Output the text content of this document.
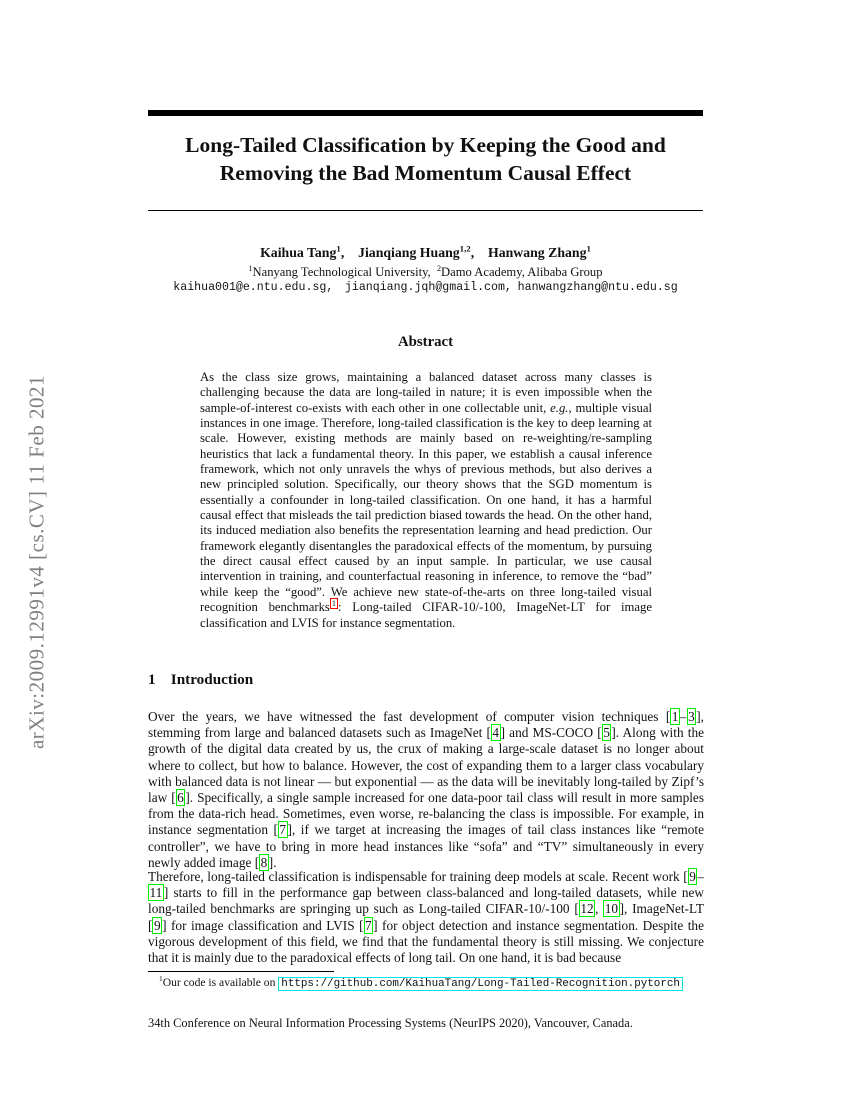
arXiv:2009.12991v4 [cs.CV] 11 Feb 2021
Long-Tailed Classification by Keeping the Good and
Removing the Bad Momentum Causal Effect
Kaihua Tang$^1$, Jianqiang Huang$^{1,2}$, Hanwang Zhang$^1$
$^1$Nanyang Technological University, $^2$Damo Academy, Alibaba Group
kaihua001@e.ntu.edu.sg, jianqiang.jqh@gmail.com, hanwangzhang@ntu.edu.sg
Abstract
As the class size grows, maintaining a balanced dataset across many classes is challenging because the data are long-tailed in nature; it is even impossible when the sample-of-interest co-exists with each other in one collectable unit, e.g., multiple visual instances in one image. Therefore, long-tailed classification is the key to deep learning at scale. However, existing methods are mainly based on re-weighting/re-sampling heuristics that lack a fundamental theory. In this paper, we establish a causal inference framework, which not only unravels the whys of previous methods, but also derives a new principled solution. Specifically, our theory shows that the SGD momentum is essentially a confounder in long-tailed classification. On one hand, it has a harmful causal effect that misleads the tail prediction biased towards the head. On the other hand, its induced mediation also benefits the representation learning and head prediction. Our framework elegantly disentangles the paradoxical effects of the momentum, by pursuing the direct causal effect caused by an input sample. In particular, we use causal intervention in training, and counterfactual reasoning in inference, to remove the “bad” while keep the “good”. We achieve new state-of-the-arts on three long-tailed visual recognition benchmarks $^1$ : Long-tailed CIFAR-10/-100, ImageNet-LT for image classification and LVIS for instance segmentation.
1 Introduction
Over the years, we have witnessed the fast development of computer vision techniques [ 1 – 3 ], stemming from large and balanced datasets such as ImageNet [ 4 ] and MS-COCO [ 5 ]. Along with the growth of the digital data created by us, the crux of making a large-scale dataset is no longer about where to collect, but how to balance. However, the cost of expanding them to a larger class vocabulary with balanced data is not linear — but exponential — as the data will be inevitably long-tailed by Zipf’s law [ 6 ]. Specifically, a single sample increased for one data-poor tail class will result in more samples from the data-rich head. Sometimes, even worse, re-balancing the class is impossible. For example, in instance segmentation [ 7 ], if we target at increasing the images of tail class instances like “remote controller”, we have to bring in more head instances like “sofa” and “TV” simultaneously in every newly added image [ 8 ].
Therefore, long-tailed classification is indispensable for training deep models at scale. Recent work [ 9 –11 ] starts to fill in the performance gap between class-balanced and long-tailed datasets, while new long-tailed benchmarks are springing up such as Long-tailed CIFAR-10/-100 [ 12 , 10 ], ImageNet-LT [ 9 ] for image classification and LVIS [ 7 ] for object detection and instance segmentation. Despite the vigorous development of this field, we find that the fundamental theory is still missing. We conjecture that it is mainly due to the paradoxical effects of long tail. On one hand, it is bad because
$^1$Our code is available on https://github.com/KaihuaTang/Long-Tailed-Recognition.pytorch
34th Conference on Neural Information Processing Systems (NeurIPS 2020), Vancouver, Canada.
